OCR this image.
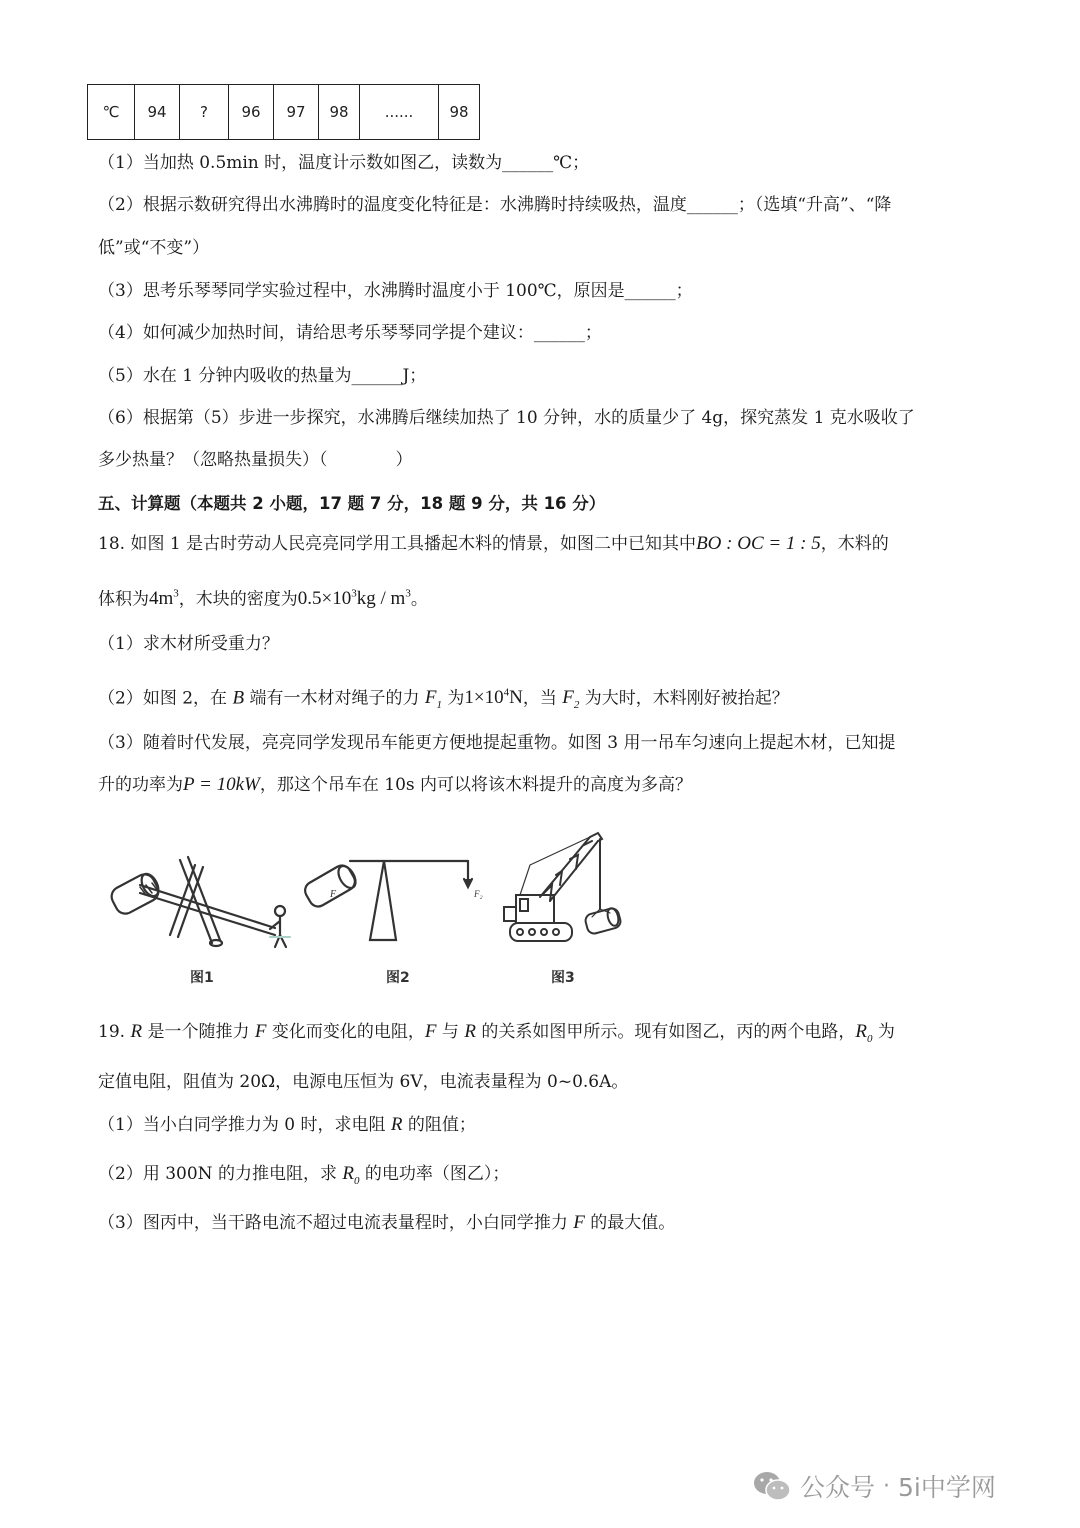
℃	94	?	96	97	98	......	98
（1）当加热 0.5min 时，温度计示数如图乙，读数为______℃；
（2）根据示数研究得出水沸腾时的温度变化特征是：水沸腾时持续吸热，温度______；（选填“升高”、“降
低”或“不变”）
（3）思考乐琴琴同学实验过程中，水沸腾时温度小于 100℃，原因是______；
（4）如何减少加热时间，请给思考乐琴琴同学提个建议：______；
（5）水在 1 分钟内吸收的热量为______J；
（6）根据第（5）步进一步探究，水沸腾后继续加热了 10 分钟，水的质量少了 4g，探究蒸发 1 克水吸收了
多少热量？（忽略热量损失）（　　　　）
五、计算题（本题共 2 小题，17 题 7 分，18 题 9 分，共 16 分）
18. 如图 1 是古时劳动人民亮亮同学用工具播起木料的情景，如图二中已知其中BO : OC = 1 : 5，木料的
体积为$4m^3$，木块的密度为$0.5\times 10^3kg / m^3$。
（1）求木材所受重力？
（2）如图 2，在 B 端有一木材对绳子的力 $F_1$ 为$1\times 10^4N$，当 $F_2$ 为大时，木料刚好被抬起？
（3）随着时代发展，亮亮同学发现吊车能更方便地提起重物。如图 3 用一吊车匀速向上提起木材，已知提
升的功率为P = 10kW，那这个吊车在 10s 内可以将该木料提升的高度为多高？
F	F₂
图1	图2	图3
19. R 是一个随推力 F 变化而变化的电阻，F 与 R 的关系如图甲所示。现有如图乙，丙的两个电路，$R_0$ 为
定值电阻，阻值为 20Ω，电源电压恒为 6V，电流表量程为 0~0.6A。
（1）当小白同学推力为 0 时，求电阻 R 的阻值；
（2）用 300N 的力推电阻，求 $R_0$ 的电功率（图乙）；
（3）图丙中，当干路电流不超过电流表量程时，小白同学推力 F 的最大值。
公众号 · 5i中学网
